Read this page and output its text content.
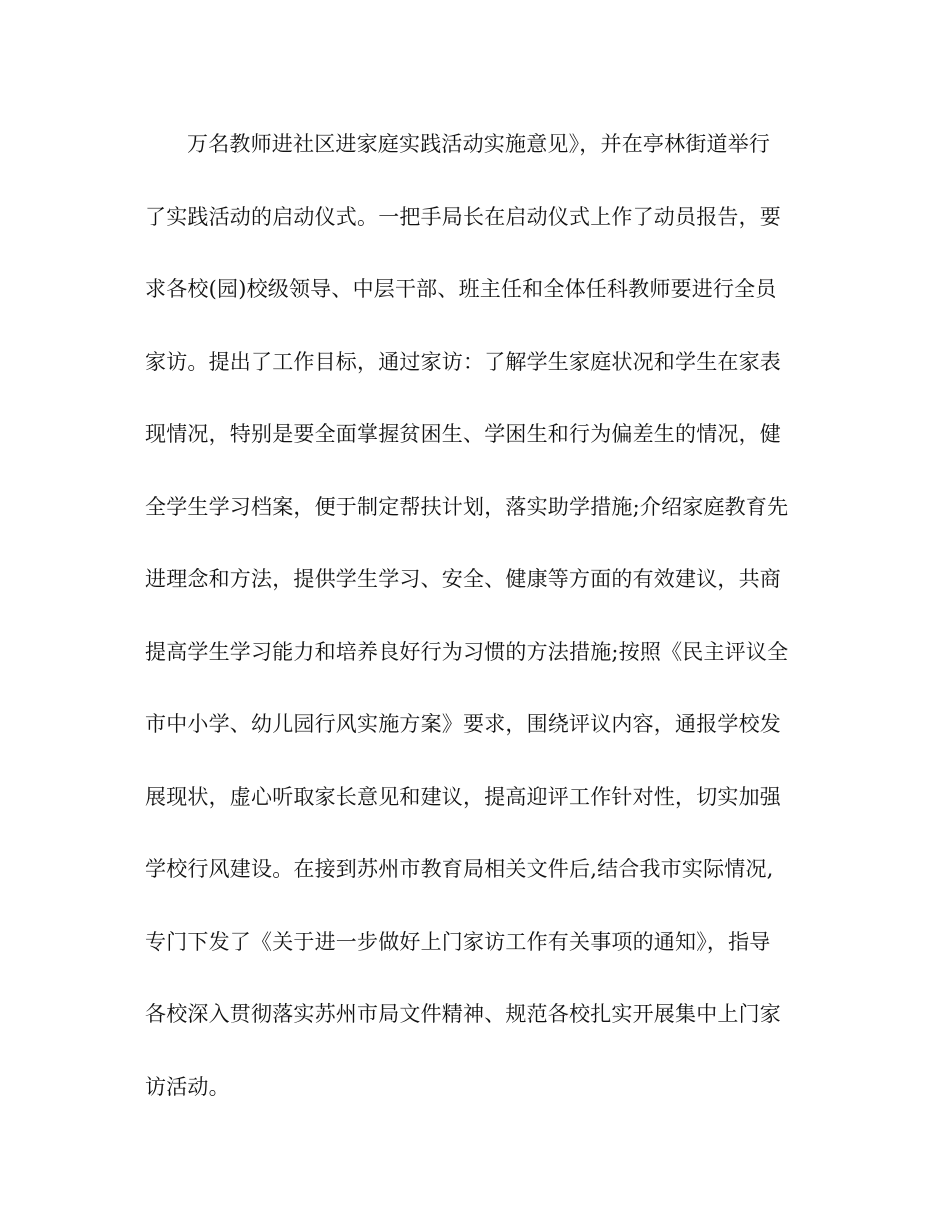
万名教师进社区进家庭实践活动实施意见》，并在亭林街道举行
了实践活动的启动仪式。一把手局长在启动仪式上作了动员报告，要
求各校(园)校级领导、中层干部、班主任和全体任科教师要进行全员
家访。提出了工作目标，通过家访：了解学生家庭状况和学生在家表
现情况，特别是要全面掌握贫困生、学困生和行为偏差生的情况，健
全学生学习档案，便于制定帮扶计划，落实助学措施;介绍家庭教育先
进理念和方法，提供学生学习、安全、健康等方面的有效建议，共商
提高学生学习能力和培养良好行为习惯的方法措施;按照《民主评议全
市中小学、幼儿园行风实施方案》要求，围绕评议内容，通报学校发
展现状，虚心听取家长意见和建议，提高迎评工作针对性，切实加强
学校行风建设。在接到苏州市教育局相关文件后,结合我市实际情况,
专门下发了《关于进一步做好上门家访工作有关事项的通知》，指导
各校深入贯彻落实苏州市局文件精神、规范各校扎实开展集中上门家
访活动。
